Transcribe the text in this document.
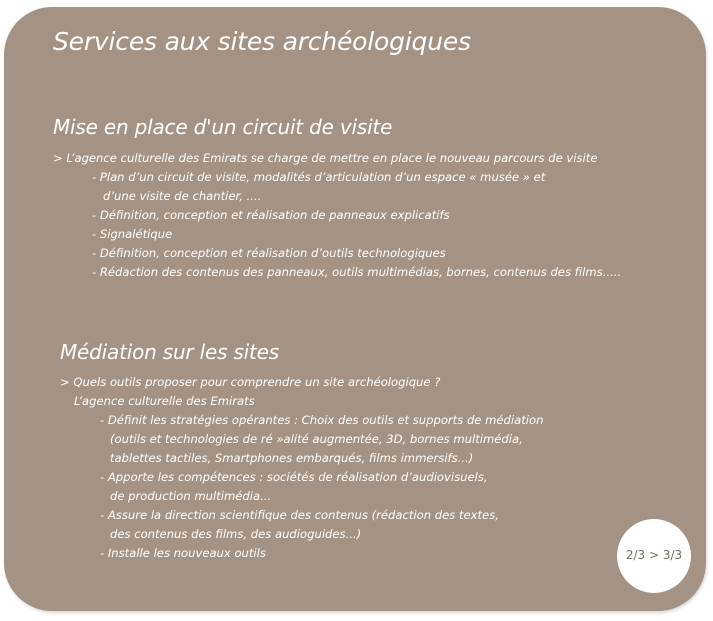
Services aux sites archéologiques
Mise en place d'un circuit de visite
> L’agence culturelle des Emirats se charge de mettre en place le nouveau parcours de visite
- Plan d’un circuit de visite, modalités d’articulation d’un espace « musée » et
d’une visite de chantier, ....
- Définition, conception et réalisation de panneaux explicatifs
- Signalétique
- Définition, conception et réalisation d’outils technologiques
- Rédaction des contenus des panneaux, outils multimédias, bornes, contenus des films.....
Médiation sur les sites
> Quels outils proposer pour comprendre un site archéologique ?
L’agence culturelle des Emirats
- Définit les stratégies opérantes : Choix des outils et supports de médiation
(outils et technologies de ré »alité augmentée, 3D, bornes multimédia,
tablettes tactiles, Smartphones embarqués, films immersifs...)
- Apporte les compétences : sociétés de réalisation d’audiovisuels,
de production multimédia...
- Assure la direction scientifique des contenus (rédaction des textes,
des contenus des films, des audioguides...)
- Installe les nouveaux outils	2/3 > 3/3
